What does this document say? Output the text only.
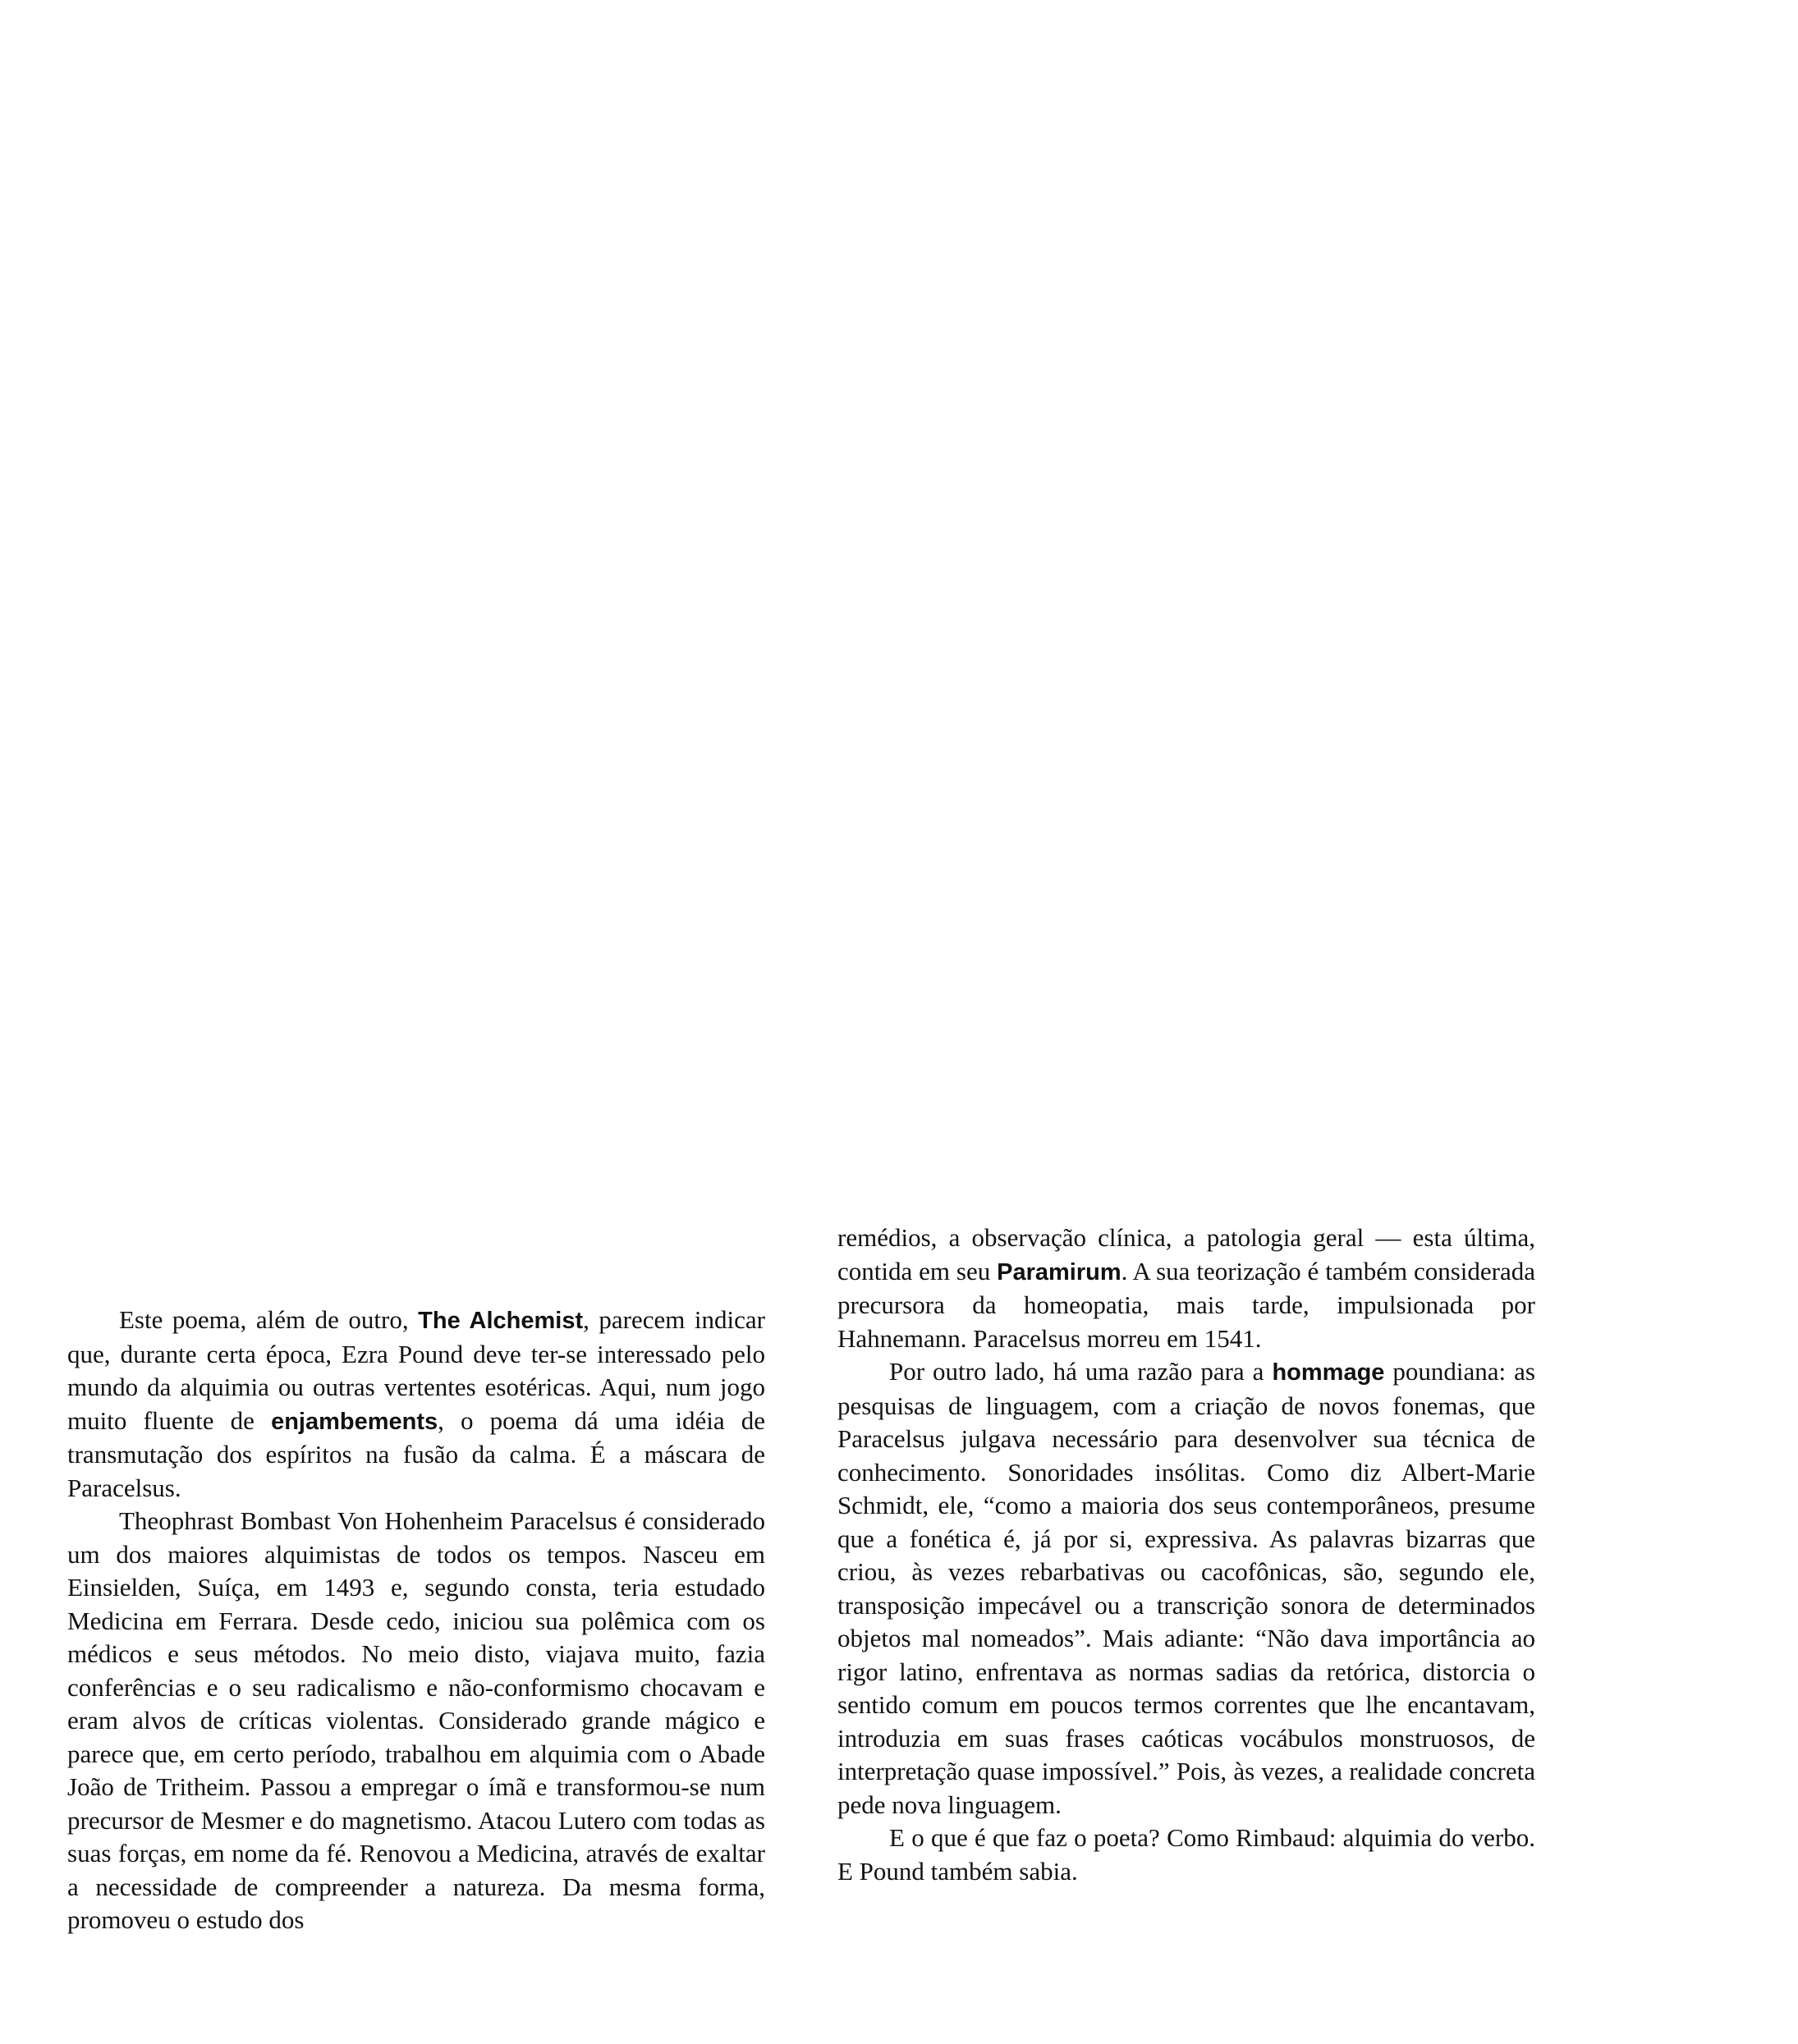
Este poema, além de outro, The Alchemist, parecem indicar que, durante certa época, Ezra Pound deve ter-se interessado pelo mundo da alquimia ou outras vertentes esotéricas. Aqui, num jogo muito fluente de enjambements, o poema dá uma idéia de transmutação dos espíritos na fusão da calma. É a máscara de Paracelsus.

Theophrast Bombast Von Hohenheim Paracelsus é considerado um dos maiores alquimistas de todos os tempos. Nasceu em Einsielden, Suíça, em 1493 e, segundo consta, teria estudado Medicina em Ferrara. Desde cedo, iniciou sua polêmica com os médicos e seus métodos. No meio disto, viajava muito, fazia conferências e o seu radicalismo e não-conformismo chocavam e eram alvos de críticas violentas. Considerado grande mágico e parece que, em certo período, trabalhou em alquimia com o Abade João de Tritheim. Passou a empregar o ímã e transformou-se num precursor de Mesmer e do magnetismo. Atacou Lutero com todas as suas forças, em nome da fé. Renovou a Medicina, através de exaltar a necessidade de compreender a natureza. Da mesma forma, promoveu o estudo dos

remédios, a observação clínica, a patologia geral — esta última, contida em seu Paramirum. A sua teorização é também considerada precursora da homeopatia, mais tarde, impulsionada por Hahnemann. Paracelsus morreu em 1541.

Por outro lado, há uma razão para a hommage poundiana: as pesquisas de linguagem, com a criação de novos fonemas, que Paracelsus julgava necessário para desenvolver sua técnica de conhecimento. Sonoridades insólitas. Como diz Albert-Marie Schmidt, ele, “como a maioria dos seus contemporâneos, presume que a fonética é, já por si, expressiva. As palavras bizarras que criou, às vezes rebarbativas ou cacofônicas, são, segundo ele, transposição impecável ou a transcrição sonora de determinados objetos mal nomeados”. Mais adiante: “Não dava importância ao rigor latino, enfrentava as normas sadias da retórica, distorcia o sentido comum em poucos termos correntes que lhe encantavam, introduzia em suas frases caóticas vocábulos monstruosos, de interpretação quase impossível.” Pois, às vezes, a realidade concreta pede nova linguagem.

E o que é que faz o poeta? Como Rimbaud: alquimia do verbo. E Pound também sabia.
